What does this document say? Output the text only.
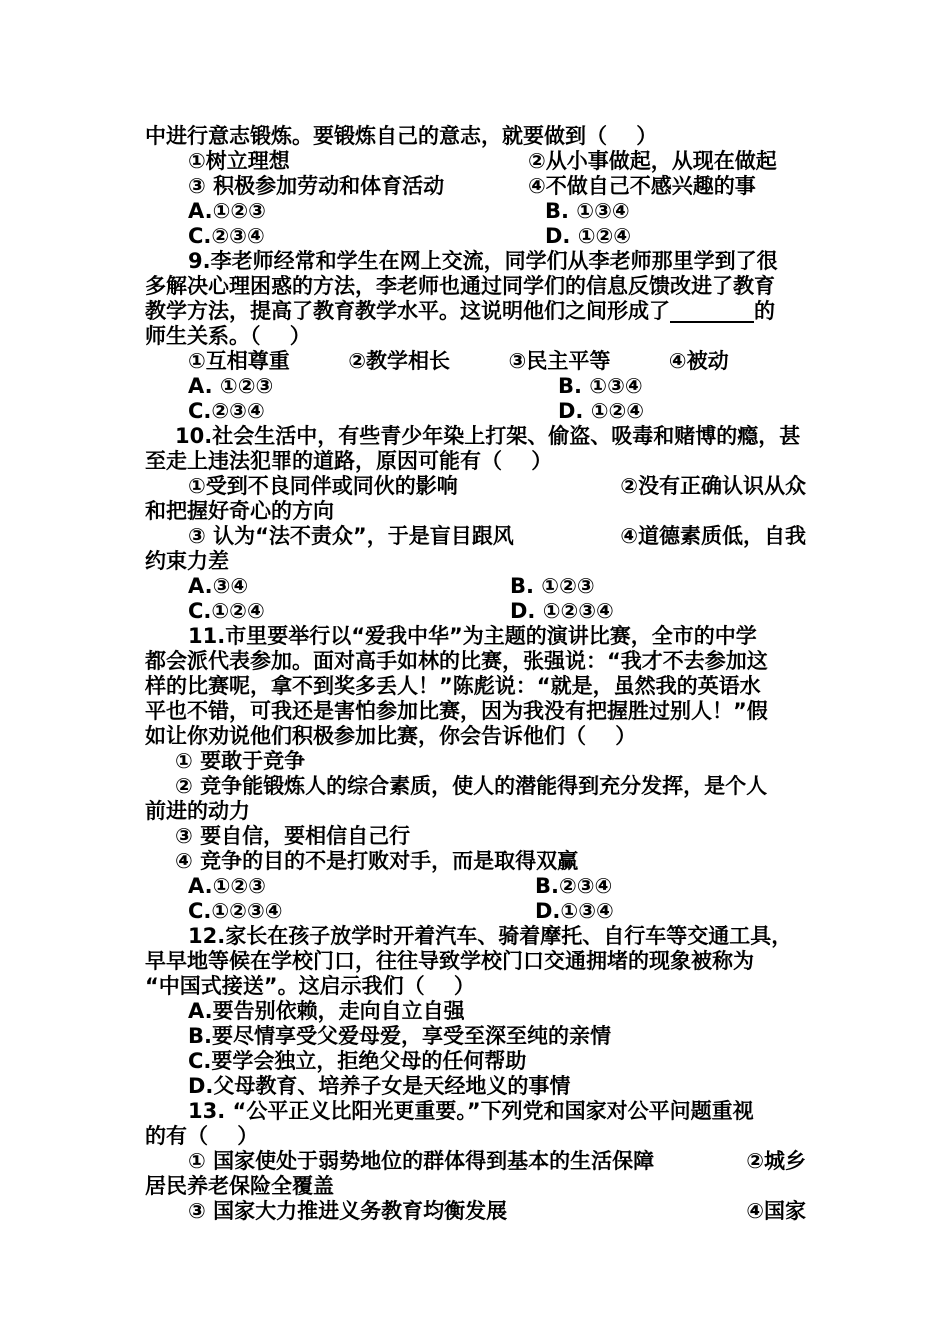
中进行意志锻炼。要锻炼自己的意志，就要做到（    ）
①树立理想	②从小事做起，从现在做起
③ 积极参加劳动和体育活动	④不做自己不感兴趣的事
A.①②③	B. ①③④
C.②③④	D. ①②④
9.李老师经常和学生在网上交流，同学们从李老师那里学到了很
多解决心理困惑的方法，李老师也通过同学们的信息反馈改进了教育
教学方法，提高了教育教学水平。这说明他们之间形成了________的
师生关系。（    ）
①互相尊重        ②教学相长        ③民主平等        ④被动
A. ①②③	B. ①③④
C.②③④	D. ①②④
10.社会生活中，有些青少年染上打架、偷盗、吸毒和赌博的瘾，甚
至走上违法犯罪的道路，原因可能有（    ）
①受到不良同伴或同伙的影响	②没有正确认识从众
和把握好奇心的方向
③ 认为“法不责众”，于是盲目跟风	④道德素质低，自我
约束力差
A.③④	B. ①②③
C.①②④	D. ①②③④
11.市里要举行以“爱我中华”为主题的演讲比赛，全市的中学
都会派代表参加。面对高手如林的比赛，张强说：“我才不去参加这
样的比赛呢，拿不到奖多丢人！”陈彪说：“就是，虽然我的英语水
平也不错，可我还是害怕参加比赛，因为我没有把握胜过别人！”假
如让你劝说他们积极参加比赛，你会告诉他们（    ）
① 要敢于竞争
② 竞争能锻炼人的综合素质，使人的潜能得到充分发挥，是个人
前进的动力
③ 要自信，要相信自己行
④ 竞争的目的不是打败对手，而是取得双赢
A.①②③	B.②③④
C.①②③④	D.①③④
12.家长在孩子放学时开着汽车、骑着摩托、自行车等交通工具，
早早地等候在学校门口，往往导致学校门口交通拥堵的现象被称为
“中国式接送”。这启示我们（    ）
A.要告别依赖，走向自立自强
B.要尽情享受父爱母爱，享受至深至纯的亲情
C.要学会独立，拒绝父母的任何帮助
D.父母教育、培养子女是天经地义的事情
13. “公平正义比阳光更重要。”下列党和国家对公平问题重视
的有（    ）
① 国家使处于弱势地位的群体得到基本的生活保障	②城乡
居民养老保险全覆盖
③ 国家大力推进义务教育均衡发展	④国家
